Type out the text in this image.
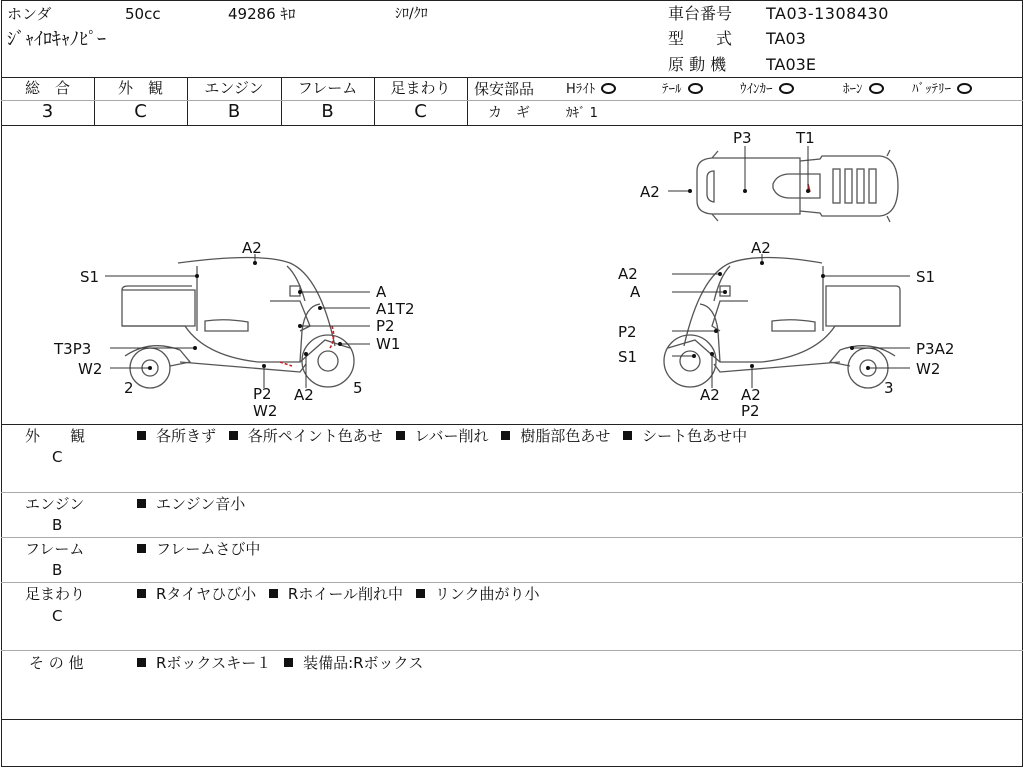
ホンダ	50cc	49286 ｷﾛ	ｼﾛ/ｸﾛ
ｼﾞｬｲﾛｷｬﾉﾋﾟｰ
車台番号 TA03-1308430
型　　式 TA03
原 動 機 TA03E
総　合
3
外　観
C
エンジン
B
フレーム
B
足まわり
C
保安部品 Hﾗｲﾄ	ﾃｰﾙ	ｳｲﾝｶｰ	ﾎｰﾝ	ﾊﾞｯﾃﾘｰ
カ　ギ	ｶｷﾞ 1
P3	T1
A2
A2
S1
A
A1T2
P2
T3P3	W1
W2
2	P2
W2
A2	5
A2
A2	S1
A
P2
S1	P3A2
W2
3
A2 A2
P2
外　　観
C
各所きず 各所ペイント色あせ レバー削れ 樹脂部色あせ シート色あせ中
エンジン
B
エンジン音小
フレーム
B
フレームさび中
足まわり
C
Rタイヤひび小 Rホイール削れ中 リンク曲がり小
そ の 他	Rボックスキー１ 装備品:Rボックス
